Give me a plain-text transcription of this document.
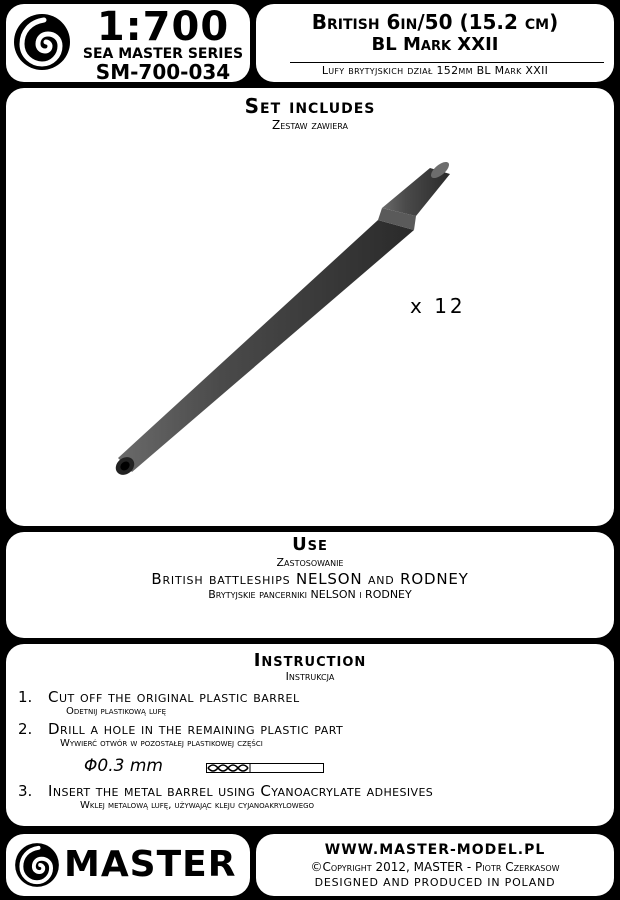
1:700
SEA MASTER SERIES
SM-700-034
British 6in/50 (15.2 cm)
BL Mark XXII
Lufy brytyjskich dział 152mm BL Mark XXII
Set includes
Zestaw zawiera
x 12
Use
Zastosowanie
British battleships NELSON and RODNEY
Brytyjskie pancerniki NELSON i RODNEY
Instruction
Instrukcja
1. Cut off the original plastic barrel
Odetnij plastikową lufę
2. Drill a hole in the remaining plastic part
Wywierć otwór w pozostałej plastikowej części
Φ0.3 mm
3. Insert the metal barrel using Cyanoacrylate adhesives
Wklej metalową lufę, używając kleju cyjanoakrylowego
MASTER	WWW.MASTER-MODEL.PL
©Copyright 2012, MASTER - Piotr Czerkasow
DESIGNED AND PRODUCED IN POLAND
